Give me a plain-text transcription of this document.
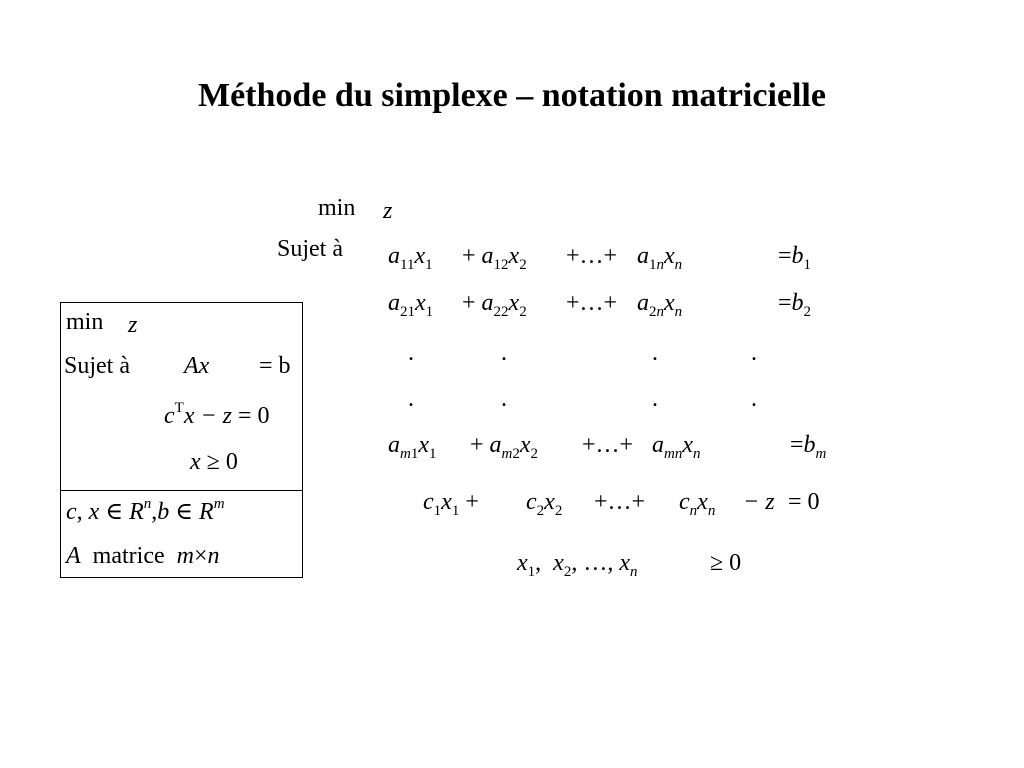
Méthode du simplexe – notation matricielle
min z
Sujet à $a_{11}x_1 + a_{12}x_2$ +…+ $a_{1n}x_n$	$=b_1$
$a_{21}x_1 + a_{22}x_2$ +…+ $a_{2n}x_n$	$=b_2$
.	.	.	.
.	.	.	.
$a_{m1}x_1 + a_{m2}x_2$ +…+ $a_{mn}x_n$	$=b_m$
$c_1x_1 + c_2x_2$ +…+ $c_nx_n - z = 0$
$x_1$,  $x_2$, …, $x_n$	≥ 0
min z
Sujet à Ax = b
$c^Tx - z = 0$
x ≥ 0
c, x ∈ $R^n,b$ ∈ $R^m$
A matrice m×n
